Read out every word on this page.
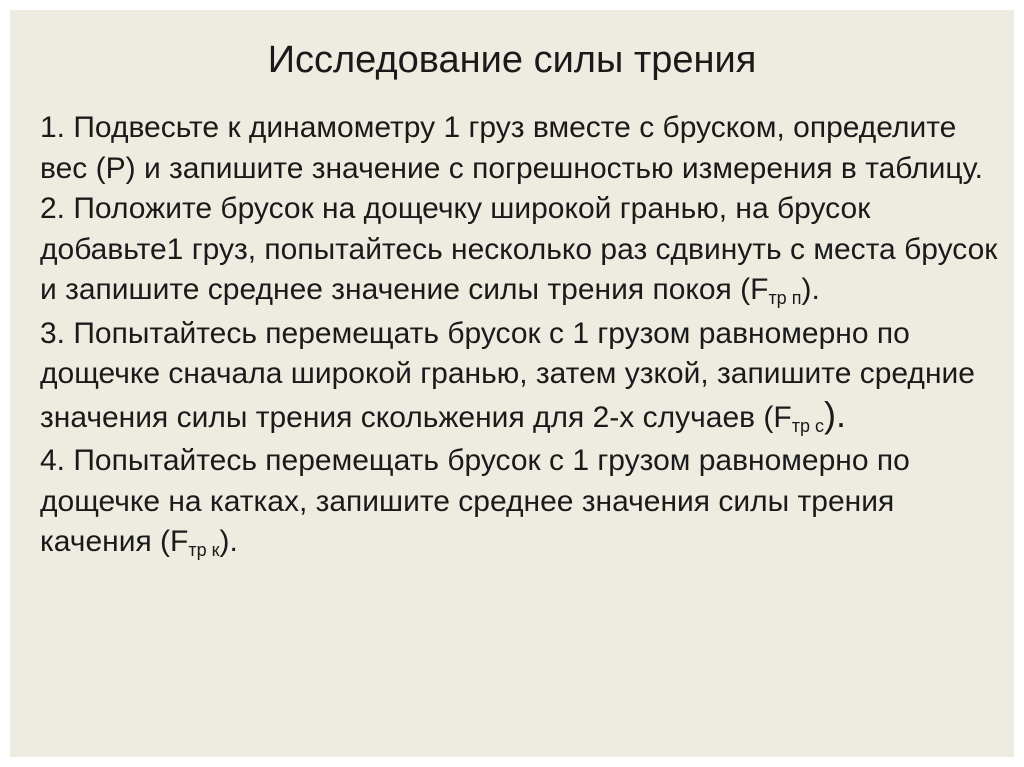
Исследование силы трения

1. Подвесьте к динамометру 1 груз вместе с бруском, определите вес (P) и запишите значение с погрешностью измерения в таблицу.

2. Положите брусок на дощечку широкой гранью, на брусок добавьте1 груз, попытайтесь несколько раз сдвинуть с места брусок и запишите среднее значение силы трения покоя (Fтр п).

3. Попытайтесь перемещать брусок с 1 грузом равномерно по дощечке сначала широкой гранью, затем узкой, запишите средние значения силы трения скольжения для 2-х случаев (Fтр с).

4. Попытайтесь перемещать брусок с 1 грузом равномерно по дощечке на катках, запишите среднее значения силы трения качения (Fтр к).
